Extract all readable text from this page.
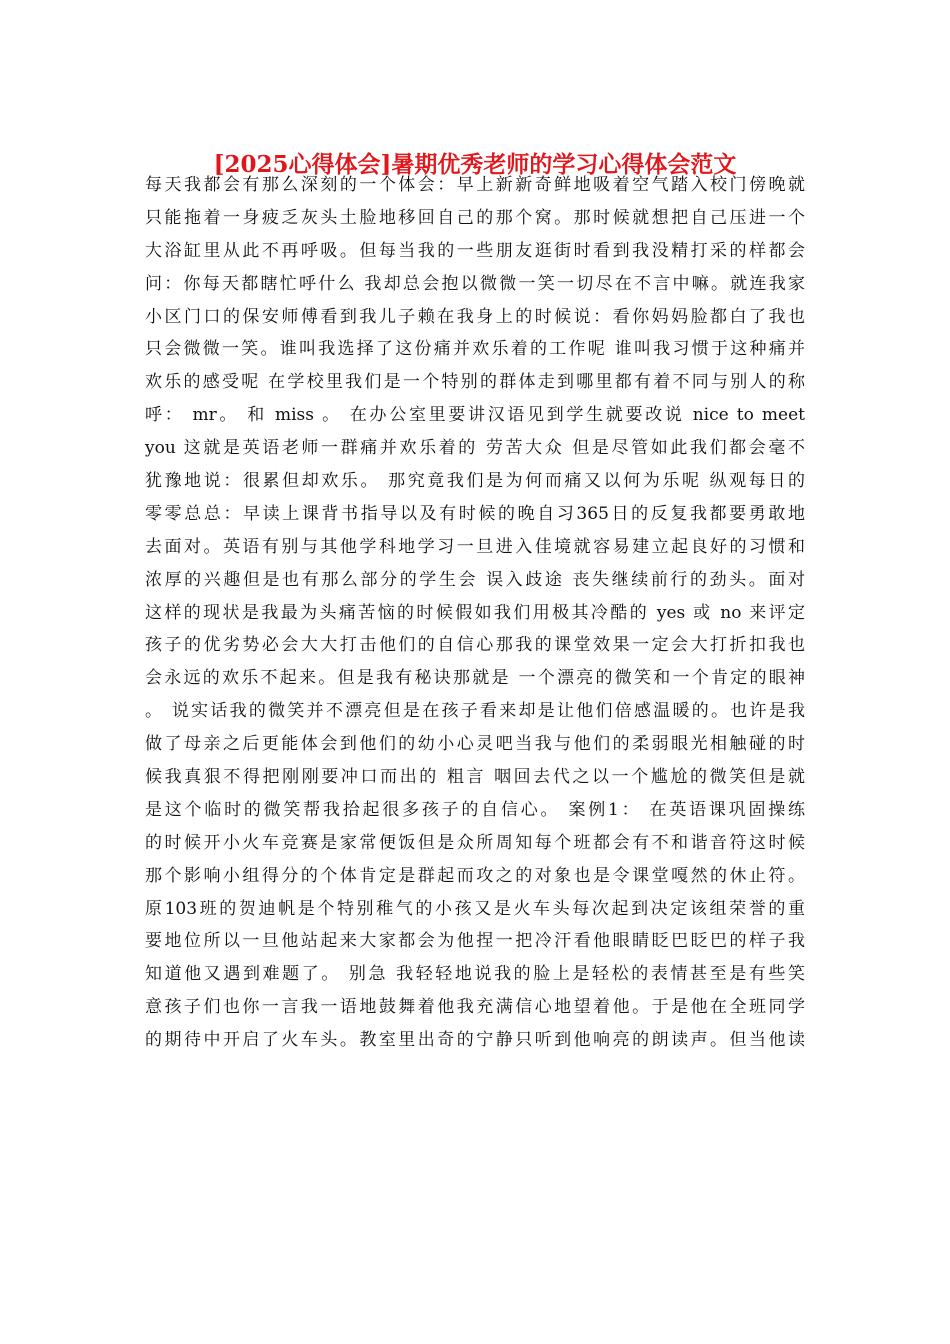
[2025心得体会]暑期优秀老师的学习心得体会范文
每天我都会有那么深刻的一个体会：早上新新奇鲜地吸着空气踏入校门傍晚就
只能拖着一身疲乏灰头土脸地移回自己的那个窝。那时候就想把自己压进一个
大浴缸里从此不再呼吸。但每当我的一些朋友逛街时看到我没精打采的样都会
问：你每天都瞎忙呼什么 我却总会抱以微微一笑一切尽在不言中嘛。就连我家
小区门口的保安师傅看到我儿子赖在我身上的时候说：看你妈妈脸都白了我也
只会微微一笑。谁叫我选择了这份痛并欢乐着的工作呢 谁叫我习惯于这种痛并
欢乐的感受呢 在学校里我们是一个特别的群体走到哪里都有着不同与别人的称
呼： mr。 和 miss 。 在办公室里要讲汉语见到学生就要改说 nice to meet
you 这就是英语老师一群痛并欢乐着的 劳苦大众 但是尽管如此我们都会毫不
犹豫地说：很累但却欢乐。 那究竟我们是为何而痛又以何为乐呢 纵观每日的
零零总总：早读上课背书指导以及有时候的晚自习365日的反复我都要勇敢地
去面对。英语有别与其他学科地学习一旦进入佳境就容易建立起良好的习惯和
浓厚的兴趣但是也有那么部分的学生会 误入歧途 丧失继续前行的劲头。面对
这样的现状是我最为头痛苦恼的时候假如我们用极其冷酷的 yes 或 no 来评定
孩子的优劣势必会大大打击他们的自信心那我的课堂效果一定会大打折扣我也
会永远的欢乐不起来。但是我有秘诀那就是 一个漂亮的微笑和一个肯定的眼神
。 说实话我的微笑并不漂亮但是在孩子看来却是让他们倍感温暖的。也许是我
做了母亲之后更能体会到他们的幼小心灵吧当我与他们的柔弱眼光相触碰的时
候我真狠不得把刚刚要冲口而出的 粗言 咽回去代之以一个尴尬的微笑但是就
是这个临时的微笑帮我拾起很多孩子的自信心。 案例1： 在英语课巩固操练
的时候开小火车竞赛是家常便饭但是众所周知每个班都会有不和谐音符这时候
那个影响小组得分的个体肯定是群起而攻之的对象也是令课堂嘎然的休止符。
原103班的贺迪帆是个特别稚气的小孩又是火车头每次起到决定该组荣誉的重
要地位所以一旦他站起来大家都会为他捏一把冷汗看他眼睛眨巴眨巴的样子我
知道他又遇到难题了。 别急 我轻轻地说我的脸上是轻松的表情甚至是有些笑
意孩子们也你一言我一语地鼓舞着他我充满信心地望着他。于是他在全班同学
的期待中开启了火车头。教室里出奇的宁静只听到他响亮的朗读声。但当他读
